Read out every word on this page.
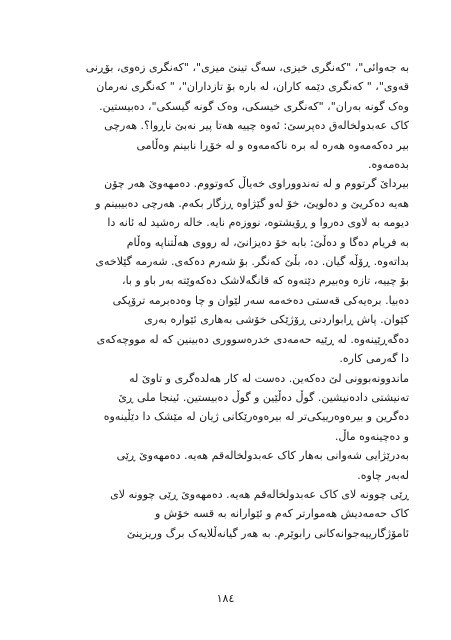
بە جەوائی"، "کەنگری خیزی، سەگ تینێ میزی"، "کەنگری زەوی، بۆڕنی
قەوی"، " کەنگری دێمە کاران، لە بارە بۆ تازداران"، " کەنگری نەرمان
وەک گونە بەران"، "کەنگری خیسکی، وەک گونە گیسکی"، دەبیستین.
کاک عەبدولخالەق دەپرسێ: ئەوە چییە هەتا پیر نەبێ ناڕوا؟. هەرچی
بیر دەکەمەوە هەرە لە برە ناکەمەوە و لە خۆڕا نابینم وەڵامی
بدەمەوە.

بیرداێ گرتووم و لە تەندووراوی خەیاڵ کەوتووم. دەمهەوێ هەر چۆن
هەیە دەکریێ و دەلویێ، خۆ لەو گێژاوە ڕزگار بکەم. هەرچی دەبیبینم و
دیومە بە لاوی دەروا و ڕۆیشتوە، نووزەم نایە. خالە رەشید لە ئانە دا
بە فریام دەگا و دەڵێ: بابە خۆ دەیزانێ، لە رووی هەڵتناپە وەڵام
بداتەوە. ڕۆڵە گیان. دە، بڵێ کەنگر. بۆ شەرم دەکەی. شەرمە گێلاخەی
بۆ چییە، تازە وەبیرم دێتەوە کە قانگەلاشک دەکەوێتە بەر باو و با،
دەبیا. برەیەکی قەستی دەخەمە سەر لێوان و چا وەدەبرمە ترۆپکی
کێوان. پاش ڕابواردنی ڕۆژێکی خۆشی بەهاری ئێوارە بەری
دەگەڕێینەوە. لە ڕێیە حەمەدی خدرەسووری دەبینین کە لە مووچەکەی
دا گەرمی کارە.

ماندوونەبوونی لێ دەکەین. دەست لە کار هەلدەگری و تاوێ لە
تەنیشتی دادەنیشین. گوڵ دەڵێین و گوڵ دەبیستین. ئینجا ملی ڕێ
دەگرین و بیرەوەرییکی‌تر لە بیرەوەرێکانی ژیان لە مێشک دا دێڵینەوە
و دەچینەوە ماڵ.

بەدرێژایی شەوانی بەهار کاک عەبدولخالەقم هەیە. دەمهەوێ ڕێی
لەبەر چاوە.

ڕێی چوونە لای کاک عەبدولخالەقم هەیە. دەمهەوێ ڕێی چوونە لای
کاک حەمەدیش هەموارتر کەم و ئێوارانە بە قسە خۆش و
ئامۆژگارییەجوانەکانی رابوێرم. بە هەر گیانەڵلایەک برگ وریزینێ

١٨٤
